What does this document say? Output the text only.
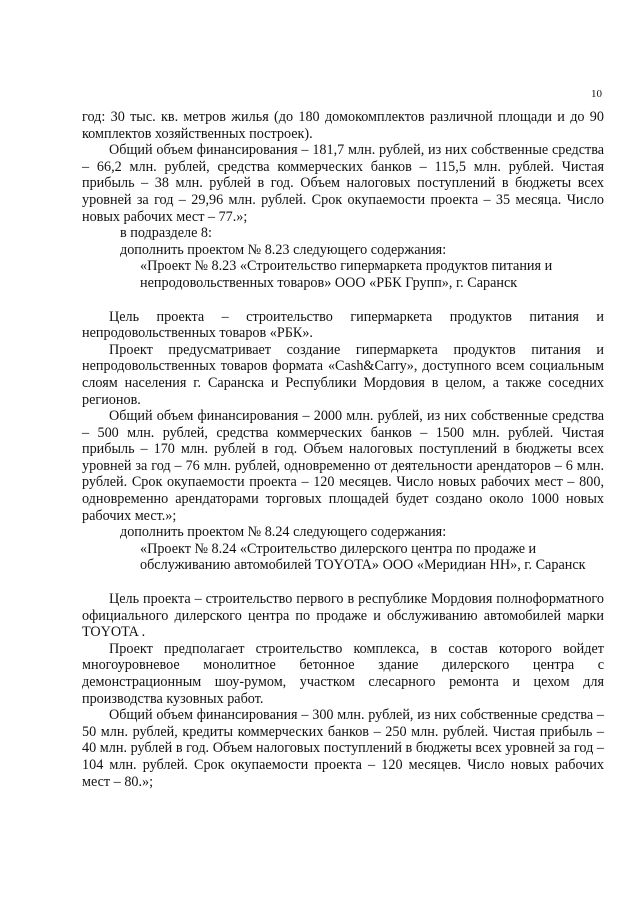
10

год: 30 тыс. кв. метров жилья (до 180 домокомплектов различной площади и до 90 комплектов хозяйственных построек).

Общий объем финансирования – 181,7 млн. рублей, из них собственные средства – 66,2 млн. рублей, средства коммерческих банков – 115,5 млн. рублей. Чистая прибыль – 38 млн. рублей в год. Объем налоговых поступлений в бюджеты всех уровней за год – 29,96 млн. рублей. Срок окупаемости проекта – 35 месяца. Число новых рабочих мест – 77.»;

в подразделе 8:

дополнить проектом № 8.23 следующего содержания:

«Проект № 8.23 «Строительство гипермаркета продуктов питания и непродовольственных товаров» ООО «РБК Групп», г. Саранск

Цель проекта – строительство гипермаркета продуктов питания и непродовольственных товаров «РБК».

Проект предусматривает создание гипермаркета продуктов питания и непродовольственных товаров формата «Cash&Carry», доступного всем социальным слоям населения г. Саранска и Республики Мордовия в целом, а также соседних регионов.

Общий объем финансирования – 2000 млн. рублей, из них собственные средства – 500 млн. рублей, средства коммерческих банков – 1500 млн. рублей. Чистая прибыль – 170 млн. рублей в год. Объем налоговых поступлений в бюджеты всех уровней за год – 76 млн. рублей, одновременно от деятельности арендаторов – 6 млн. рублей. Срок окупаемости проекта – 120 месяцев. Число новых рабочих мест – 800, одновременно арендаторами торговых площадей будет создано около 1000 новых рабочих мест.»;

дополнить проектом № 8.24 следующего содержания:

«Проект № 8.24 «Строительство дилерского центра по продаже и обслуживанию автомобилей TOYOTA» ООО «Меридиан НН», г. Саранск

Цель проекта – строительство первого в республике Мордовия полноформатного официального дилерского центра по продаже и обслуживанию автомобилей марки TOYOTA .

Проект предполагает строительство комплекса, в состав которого войдет многоуровневое монолитное бетонное здание дилерского центра с демонстрационным шоу-румом, участком слесарного ремонта и цехом для производства кузовных работ.

Общий объем финансирования – 300 млн. рублей, из них собственные средства –50 млн. рублей, кредиты коммерческих банков – 250 млн. рублей. Чистая прибыль – 40 млн. рублей в год. Объем налоговых поступлений в бюджеты всех уровней за год – 104 млн. рублей. Срок окупаемости проекта – 120 месяцев. Число новых рабочих мест – 80.»;
